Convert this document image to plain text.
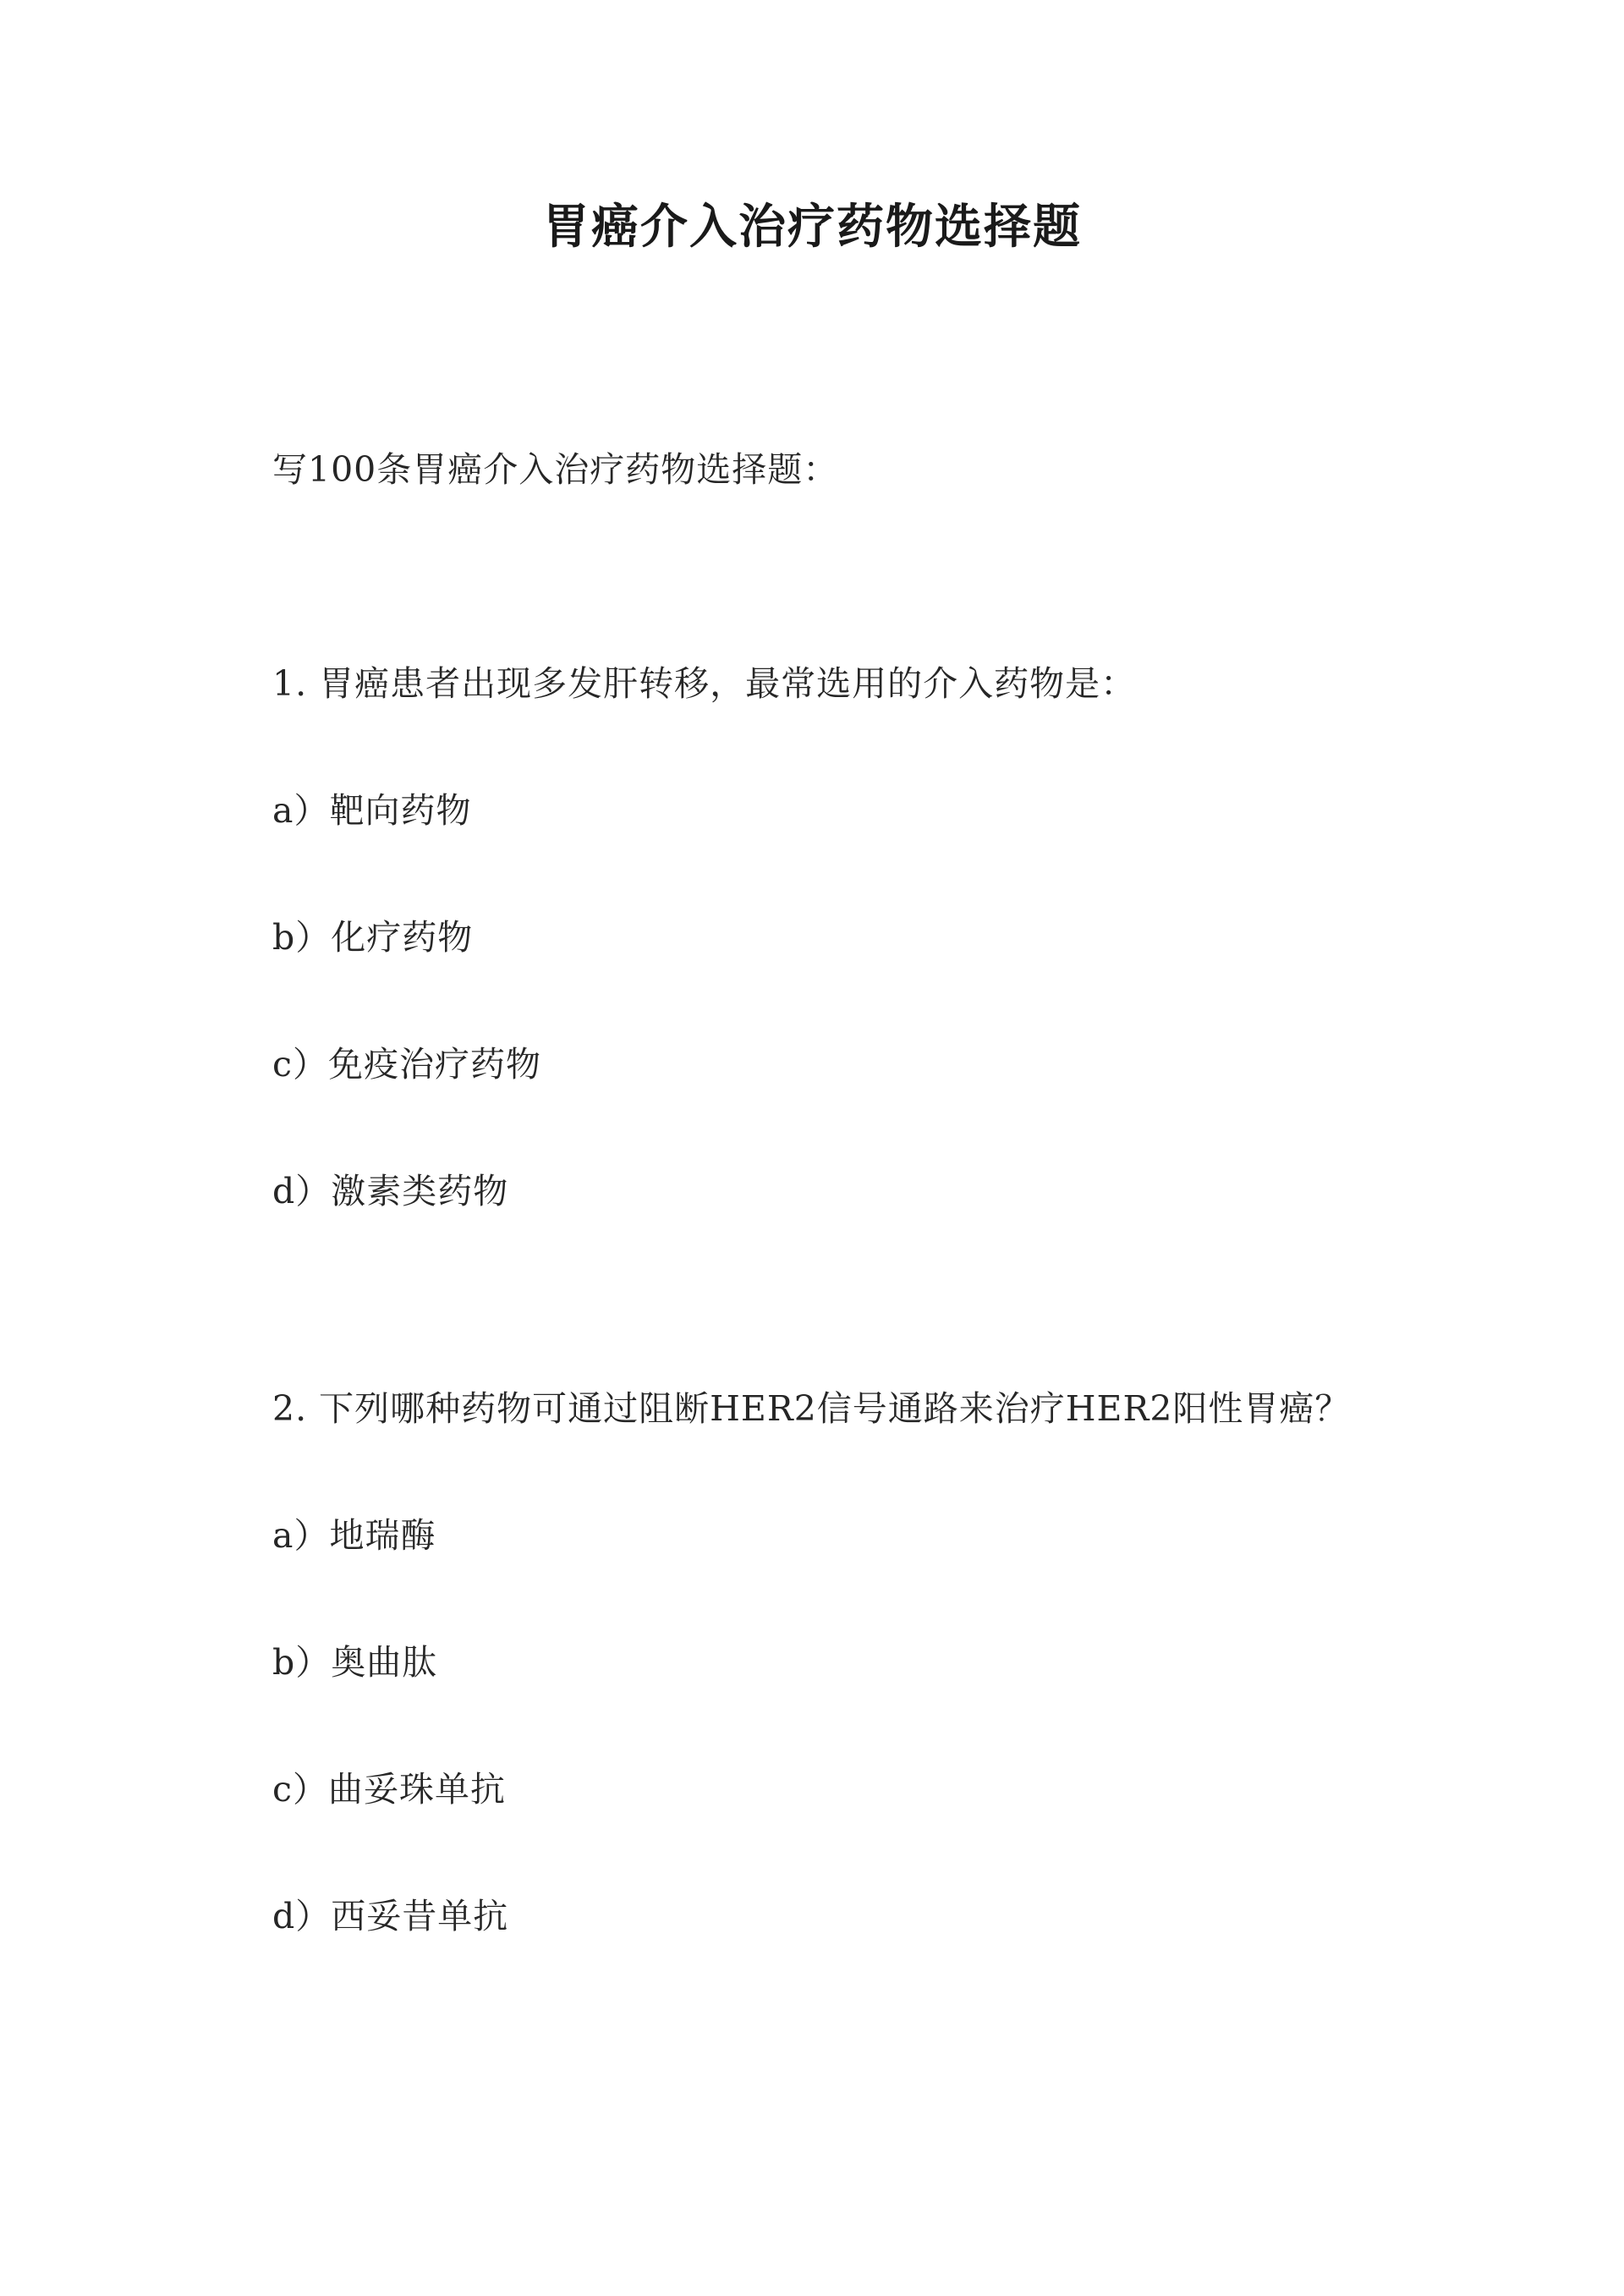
胃癌介入治疗药物选择题
写100条胃癌介入治疗药物选择题：
1. 胃癌患者出现多发肝转移，最常选用的介入药物是：
a）靶向药物
b）化疗药物
c）免疫治疗药物
d）激素类药物
2. 下列哪种药物可通过阻断HER2信号通路来治疗HER2阳性胃癌？
a）地瑞酶
b）奥曲肽
c）曲妥珠单抗
d）西妥昔单抗
